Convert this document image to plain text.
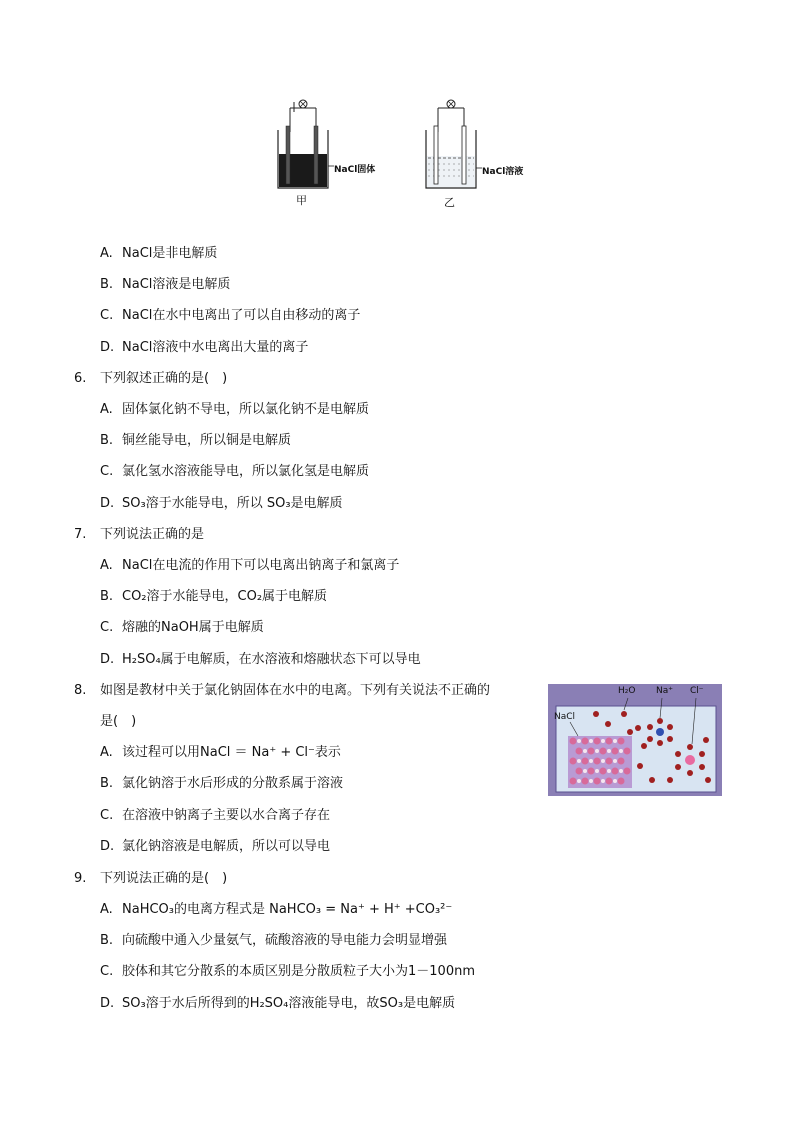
NaCl固体	NaCl溶液
甲	乙
A. NaCl是非电解质
B. NaCl溶液是电解质
C. NaCl在水中电离出了可以自由移动的离子
D. NaCl溶液中水电离出大量的离子
6. 下列叙述正确的是(　)
A. 固体氯化钠不导电，所以氯化钠不是电解质
B. 铜丝能导电，所以铜是电解质
C. 氯化氢水溶液能导电，所以氯化氢是电解质
D. SO₃溶于水能导电，所以 SO₃是电解质
7. 下列说法正确的是
A. NaCl在电流的作用下可以电离出钠离子和氯离子
B. CO₂溶于水能导电，CO₂属于电解质
C. 熔融的NaOH属于电解质
D. H₂SO₄属于电解质，在水溶液和熔融状态下可以导电
8. 如图是教材中关于氯化钠固体在水中的电离。下列有关说法不正确的
是(　)
A. 该过程可以用NaCl ＝ Na⁺ + Cl⁻表示
B. 氯化钠溶于水后形成的分散系属于溶液
C. 在溶液中钠离子主要以水合离子存在
D. 氯化钠溶液是电解质，所以可以导电
NaCl
H₂O Na⁺ Cl⁻
9. 下列说法正确的是(　)
A. NaHCO₃的电离方程式是 NaHCO₃ = Na⁺ + H⁺ +CO₃²⁻
B. 向硫酸中通入少量氨气，硫酸溶液的导电能力会明显增强
C. 胶体和其它分散系的本质区别是分散质粒子大小为1－100nm
D. SO₃溶于水后所得到的H₂SO₄溶液能导电，故SO₃是电解质
